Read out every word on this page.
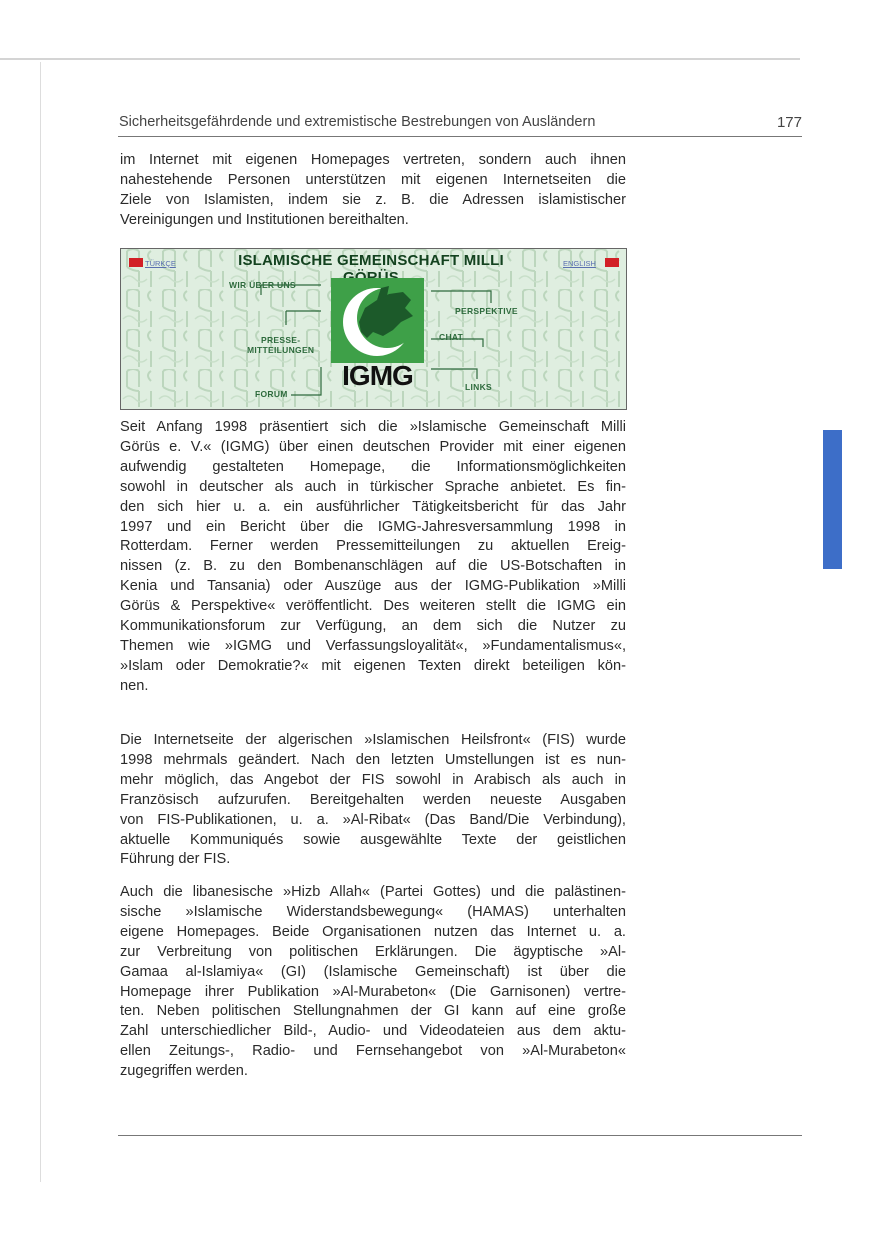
Sicherheitsgefährdende und extremistische Bestrebungen von Ausländern	177
im Internet mit eigenen Homepages vertreten, sondern auch ihnen
nahestehende Personen unterstützen mit eigenen Internetseiten die
Ziele von Islamisten, indem sie z. B. die Adressen islamistischer
Vereinigungen und Institutionen bereithalten.
TÜRKÇE	ISLAMISCHE GEMEINSCHAFT MILLI	ENGLISH
WIR ÜBER UNS
PRESSE-
MITTEILUNGEN
FORUM
PERSPEKTIVE
CHAT
LINKS
IGMG
Seit Anfang 1998 präsentiert sich die »Islamische Gemeinschaft Milli
Görüs e. V.« (IGMG) über einen deutschen Provider mit einer eigenen
aufwendig gestalteten Homepage, die Informationsmöglichkeiten
sowohl in deutscher als auch in türkischer Sprache anbietet. Es fin-
den sich hier u. a. ein ausführlicher Tätigkeitsbericht für das Jahr
1997 und ein Bericht über die IGMG-Jahresversammlung 1998 in
Rotterdam. Ferner werden Pressemitteilungen zu aktuellen Ereig-
nissen (z. B. zu den Bombenanschlägen auf die US-Botschaften in
Kenia und Tansania) oder Auszüge aus der IGMG-Publikation »Milli
Görüs & Perspektive« veröffentlicht. Des weiteren stellt die IGMG ein
Kommunikationsforum zur Verfügung, an dem sich die Nutzer zu
Themen wie »IGMG und Verfassungsloyalität«, »Fundamentalismus«,
»Islam oder Demokratie?« mit eigenen Texten direkt beteiligen kön-
nen.
Die Internetseite der algerischen »Islamischen Heilsfront« (FIS) wurde
1998 mehrmals geändert. Nach den letzten Umstellungen ist es nun-
mehr möglich, das Angebot der FIS sowohl in Arabisch als auch in
Französisch aufzurufen. Bereitgehalten werden neueste Ausgaben
von FIS-Publikationen, u. a. »Al-Ribat« (Das Band/Die Verbindung),
aktuelle Kommuniqués sowie ausgewählte Texte der geistlichen
Führung der FIS.
Auch die libanesische »Hizb Allah« (Partei Gottes) und die palästinen-
sische »Islamische Widerstandsbewegung« (HAMAS) unterhalten
eigene Homepages. Beide Organisationen nutzen das Internet u. a.
zur Verbreitung von politischen Erklärungen. Die ägyptische »Al-
Gamaa al-Islamiya« (GI) (Islamische Gemeinschaft) ist über die
Homepage ihrer Publikation »Al-Murabeton« (Die Garnisonen) vertre-
ten. Neben politischen Stellungnahmen der GI kann auf eine große
Zahl unterschiedlicher Bild-, Audio- und Videodateien aus dem aktu-
ellen Zeitungs-, Radio- und Fernsehangebot von »Al-Murabeton«
zugegriffen werden.
